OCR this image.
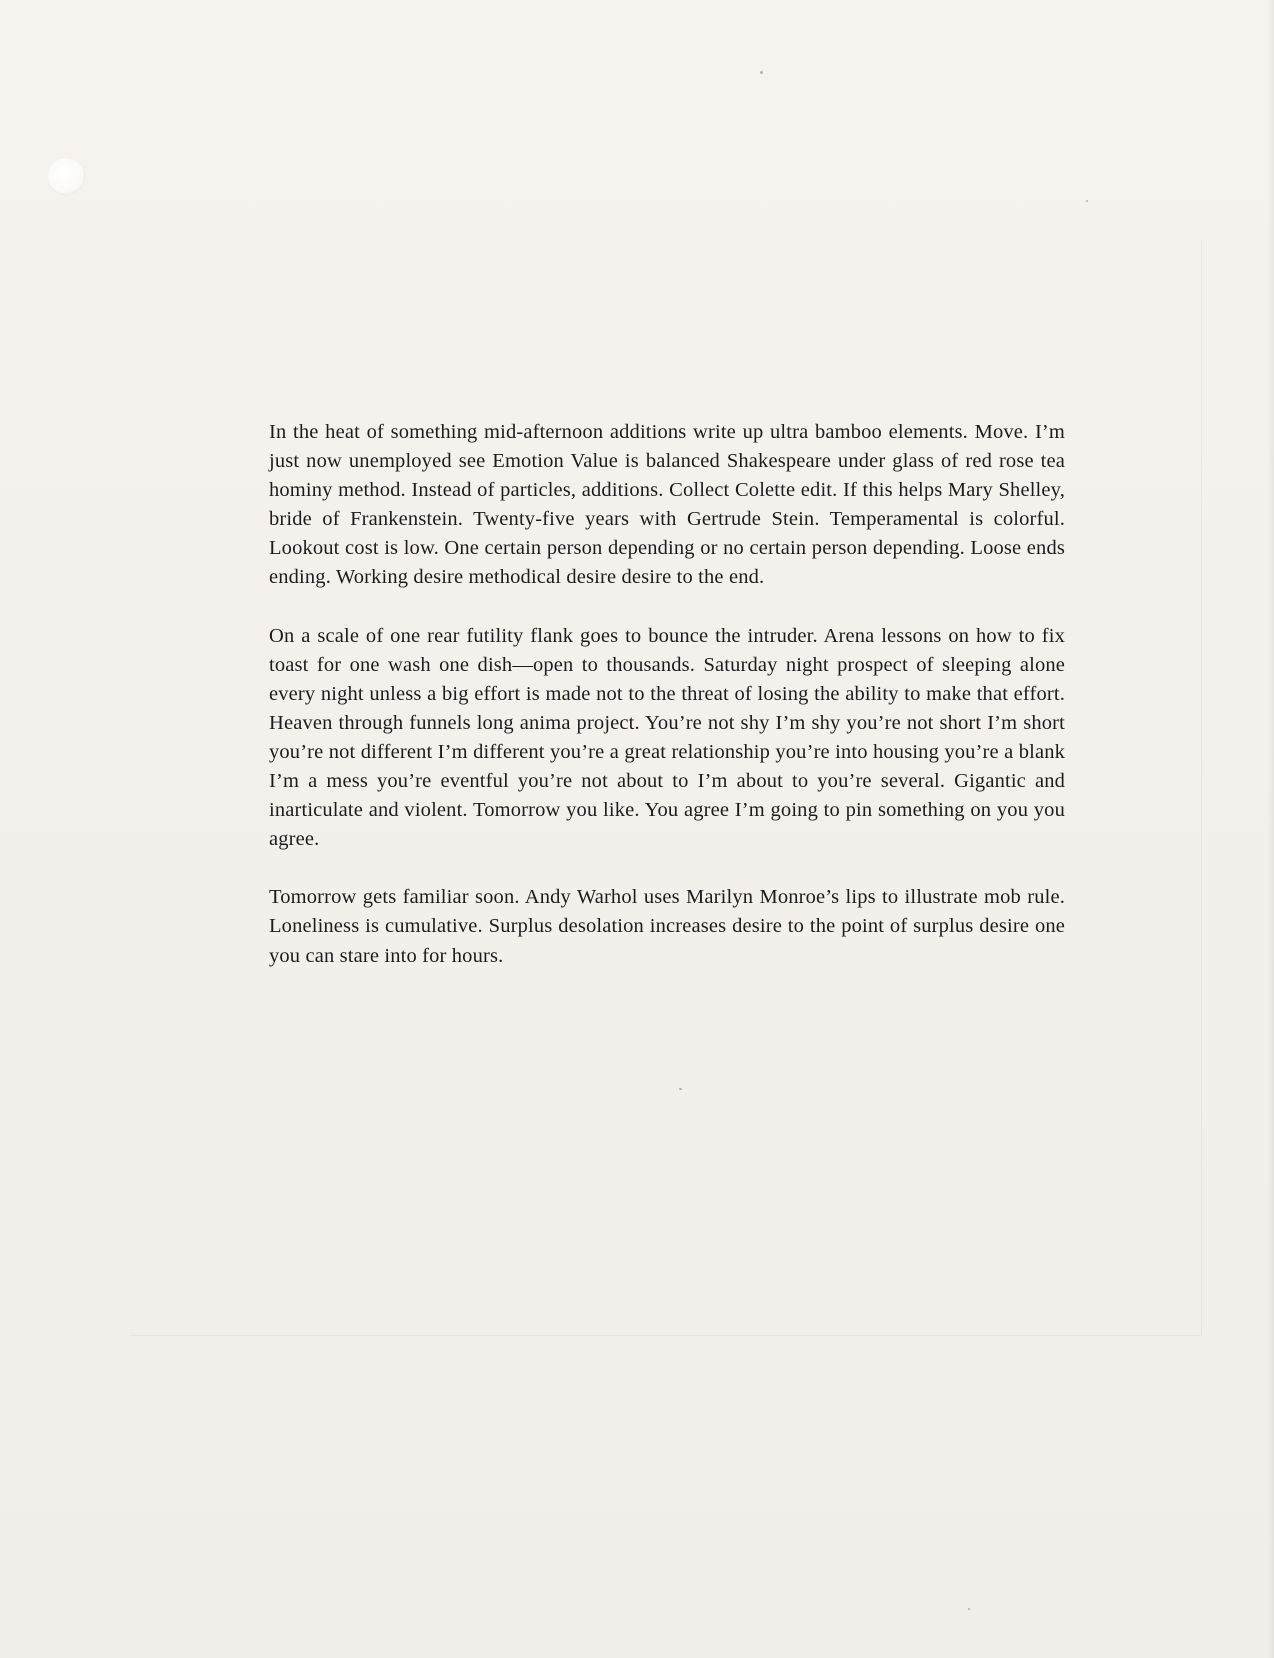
In the heat of something mid-afternoon additions write up ultra bamboo elements. Move. I’m just now unemployed see Emotion Value is balanced Shakespeare under glass of red rose tea hominy method. Instead of particles, additions. Collect Colette edit. If this helps Mary Shelley, bride of Frankenstein. Twenty-five years with Gertrude Stein. Temperamental is colorful. Lookout cost is low. One certain person depending or no certain person depending. Loose ends ending. Working desire methodical desire desire to the end.

On a scale of one rear futility flank goes to bounce the intruder. Arena lessons on how to fix toast for one wash one dish—open to thousands. Saturday night prospect of sleeping alone every night unless a big effort is made not to the threat of losing the ability to make that effort. Heaven through funnels long anima project. You’re not shy I’m shy you’re not short I’m short you’re not different I’m different you’re a great relationship you’re into housing you’re a blank I’m a mess you’re eventful you’re not about to I’m about to you’re several. Gigantic and inarticulate and violent. Tomorrow you like. You agree I’m going to pin something on you you agree.

Tomorrow gets familiar soon. Andy Warhol uses Marilyn Monroe’s lips to illustrate mob rule. Loneliness is cumulative. Surplus desolation increases desire to the point of surplus desire one you can stare into for hours.
